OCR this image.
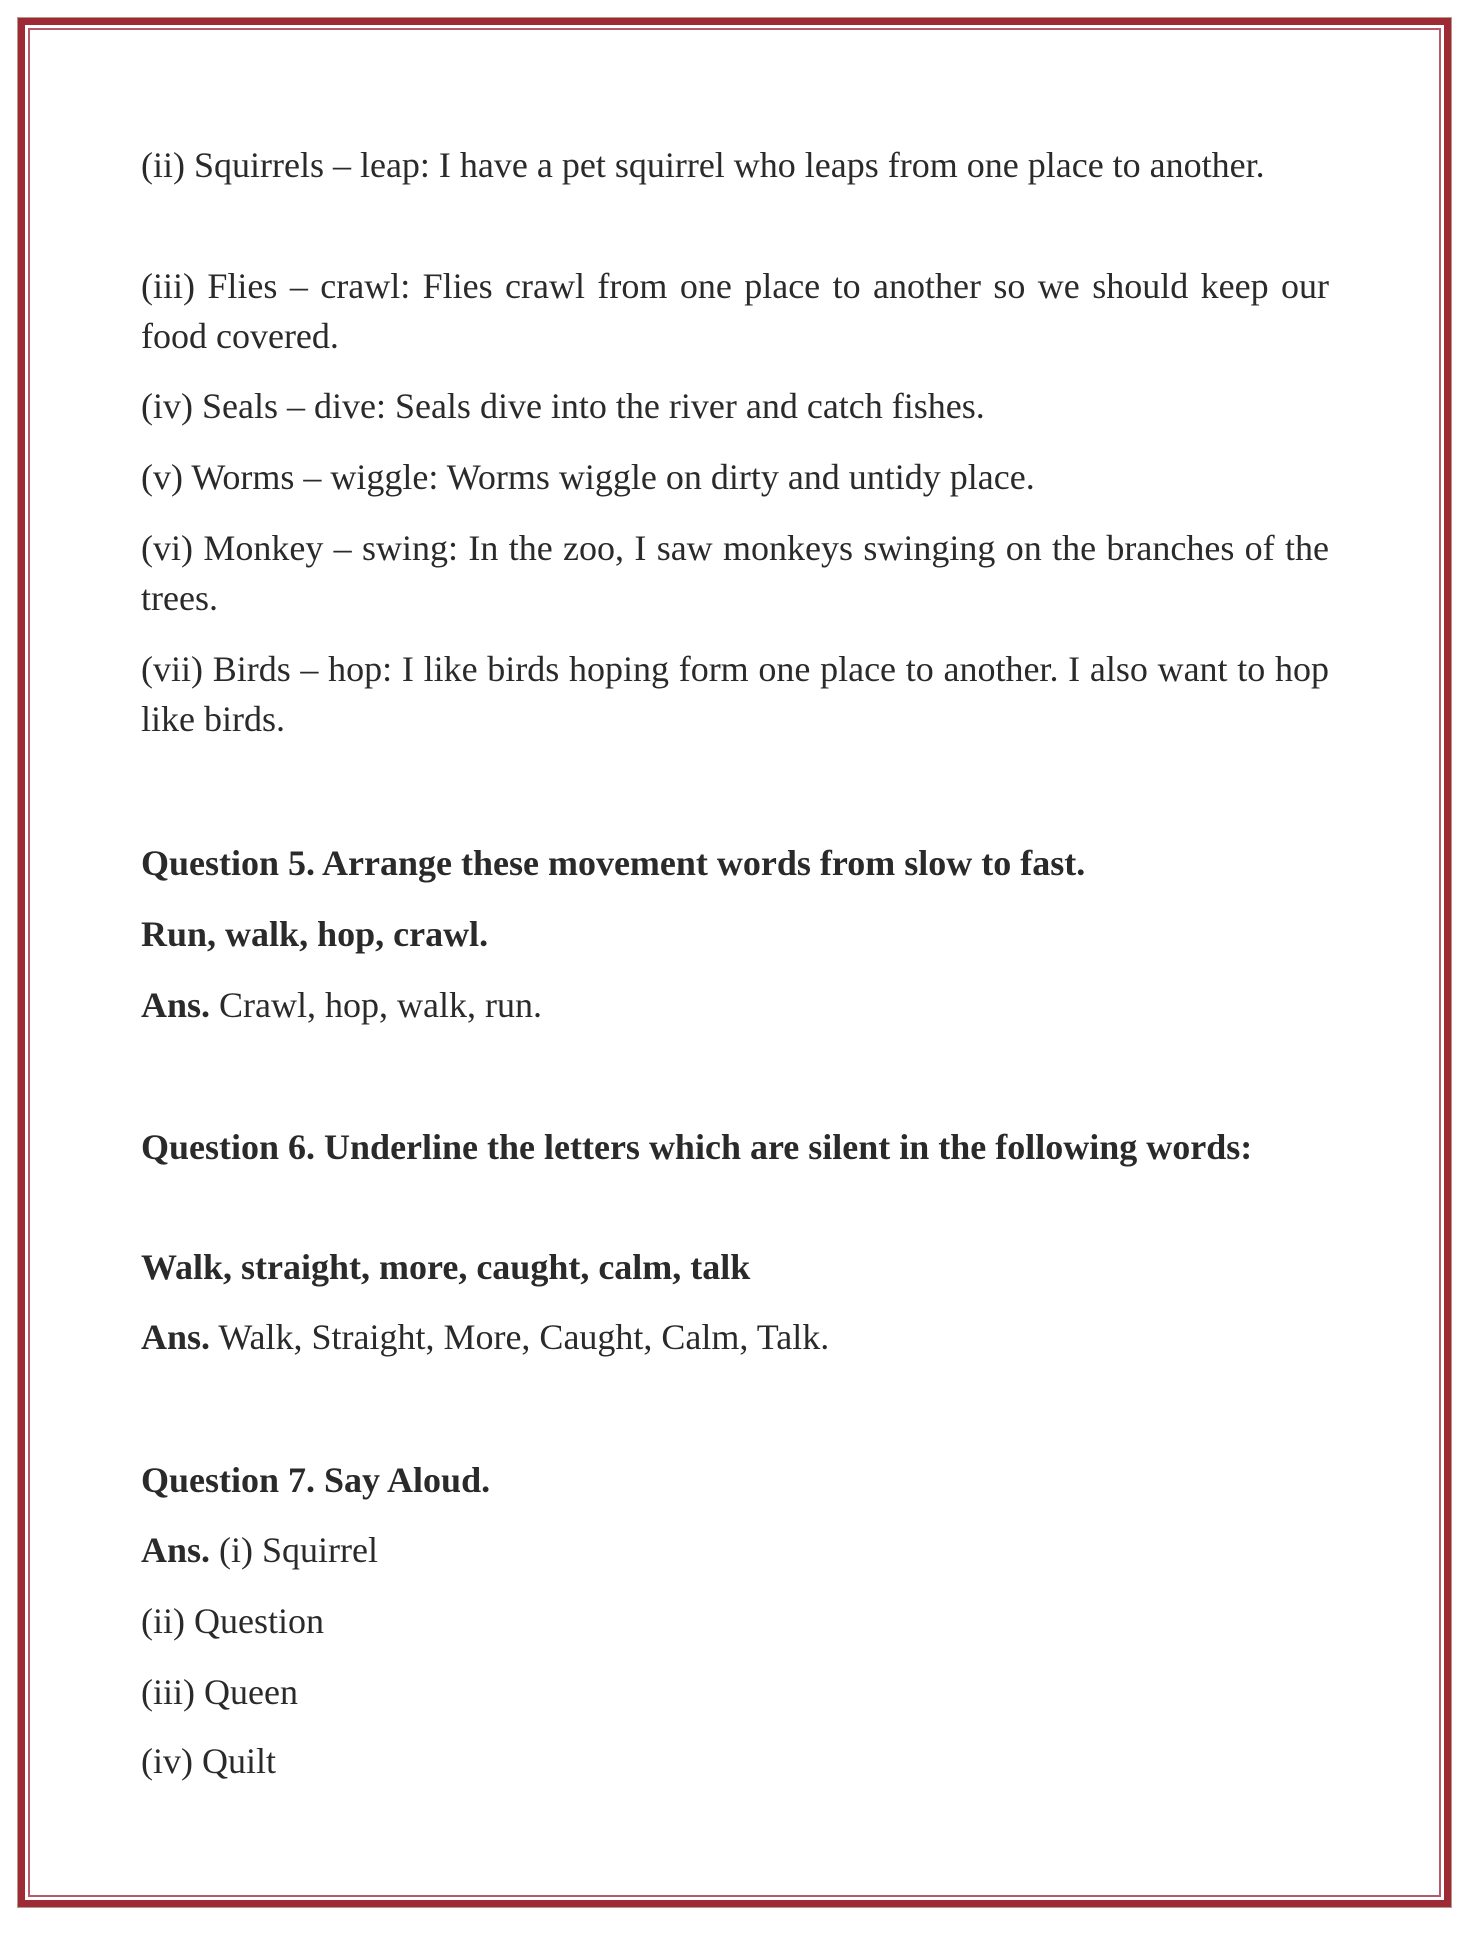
(ii) Squirrels – leap: I have a pet squirrel who leaps from one place to another.
(iii) Flies – crawl: Flies crawl from one place to another so we should keep our food covered.
(iv) Seals – dive: Seals dive into the river and catch fishes.
(v) Worms – wiggle: Worms wiggle on dirty and untidy place.
(vi) Monkey – swing: In the zoo, I saw monkeys swinging on the branches of the trees.
(vii) Birds – hop: I like birds hoping form one place to another. I also want to hop like birds.
Question 5. Arrange these movement words from slow to fast.
Run, walk, hop, crawl.
Ans. Crawl, hop, walk, run.
Question 6. Underline the letters which are silent in the following words:
Walk, straight, more, caught, calm, talk
Ans. Walk, Straight, More, Caught, Calm, Talk.
Question 7. Say Aloud.
Ans. (i) Squirrel
(ii) Question
(iii) Queen
(iv) Quilt
